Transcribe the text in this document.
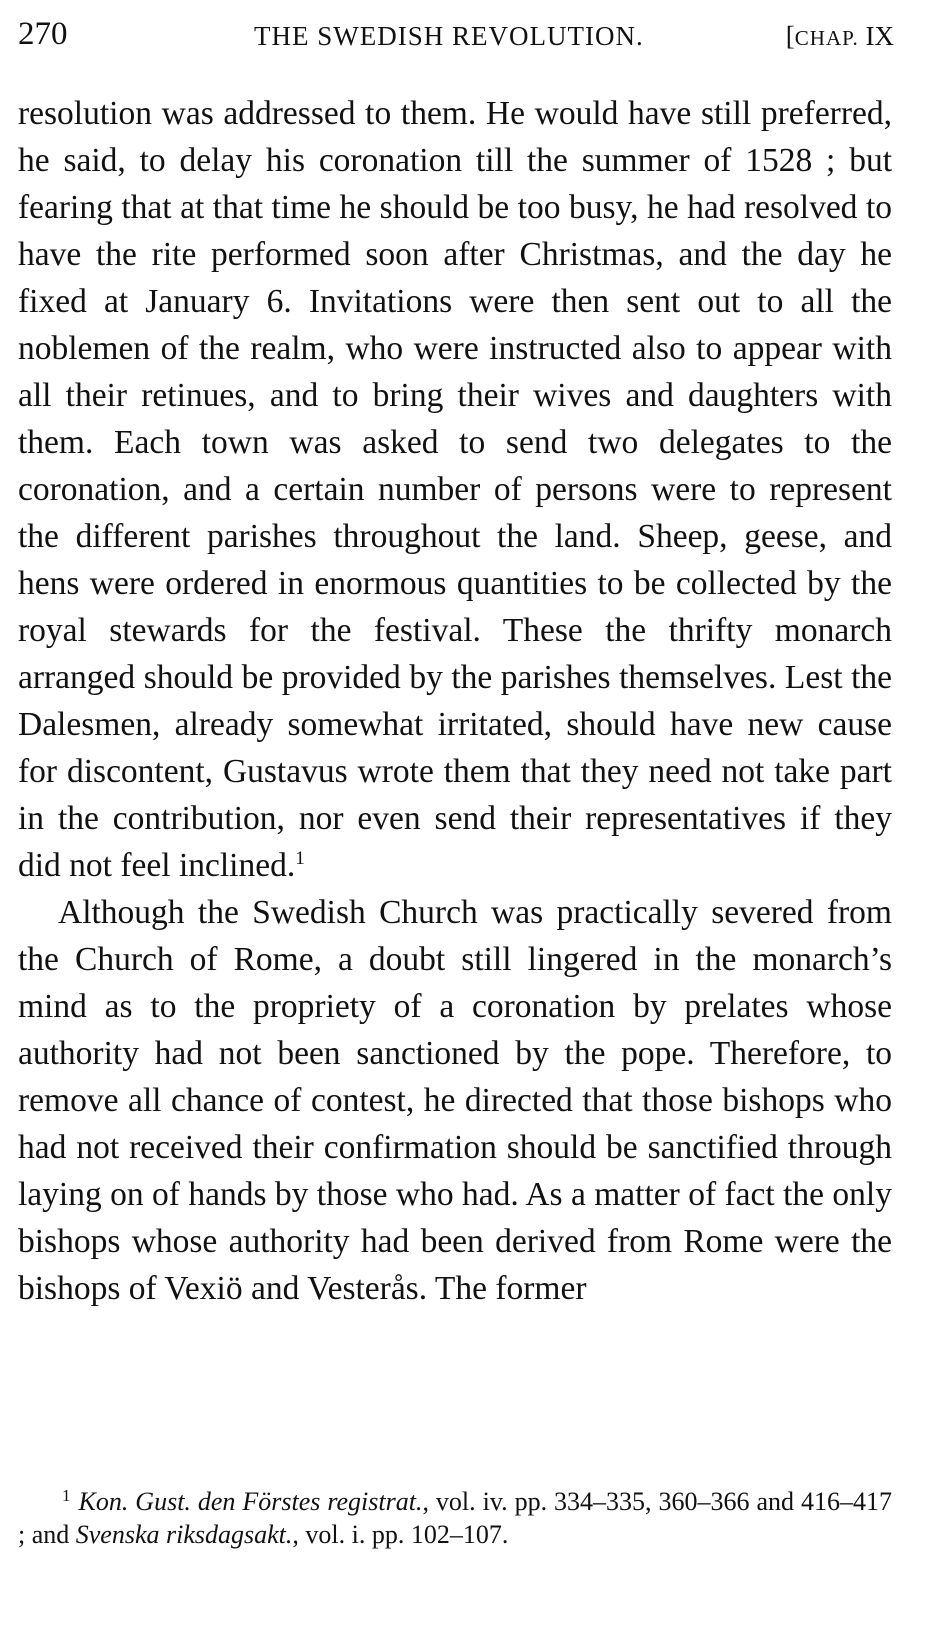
270	THE SWEDISH REVOLUTION.	[CHAP. IX

resolution was addressed to them. He would have still preferred, he said, to delay his coronation till the summer of 1528 ; but fearing that at that time he should be too busy, he had resolved to have the rite performed soon after Christmas, and the day he fixed at January 6. Invitations were then sent out to all the noblemen of the realm, who were instructed also to appear with all their retinues, and to bring their wives and daughters with them. Each town was asked to send two delegates to the coronation, and a certain number of persons were to represent the different parishes throughout the land. Sheep, geese, and hens were ordered in enormous quantities to be collected by the royal stewards for the festival. These the thrifty monarch arranged should be provided by the parishes themselves. Lest the Dalesmen, already somewhat irritated, should have new cause for discontent, Gustavus wrote them that they need not take part in the contribution, nor even send their representatives if they did not feel inclined.$^1$

Although the Swedish Church was practically severed from the Church of Rome, a doubt still lingered in the monarch’s mind as to the propriety of a coronation by prelates whose authority had not been sanctioned by the pope. Therefore, to remove all chance of contest, he directed that those bishops who had not received their confirmation should be sanctified through laying on of hands by those who had. As a matter of fact the only bishops whose authority had been derived from Rome were the bishops of Vexiö and Vesterås. The former

$^1$ Kon. Gust. den Förstes registrat., vol. iv. pp. 334–335, 360–366 and 416–417 ; and Svenska riksdagsakt., vol. i. pp. 102–107.
